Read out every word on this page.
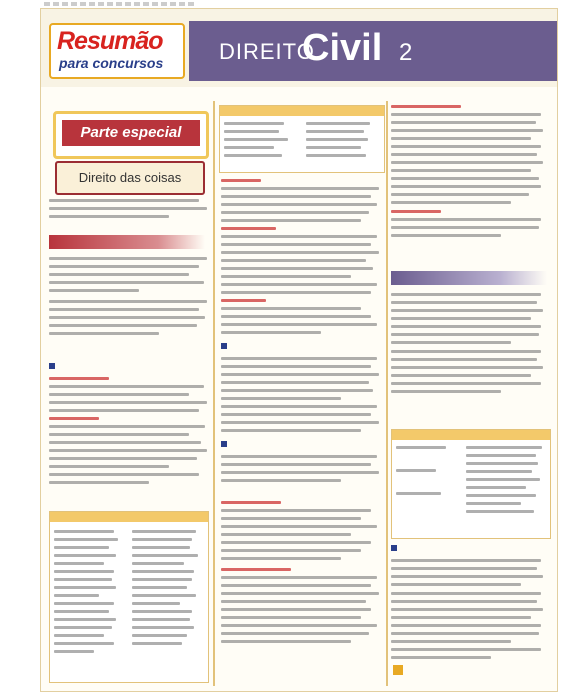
Resumão
para concursos	DIREITO
Civil 2
Parte especial
Direito das coisas
